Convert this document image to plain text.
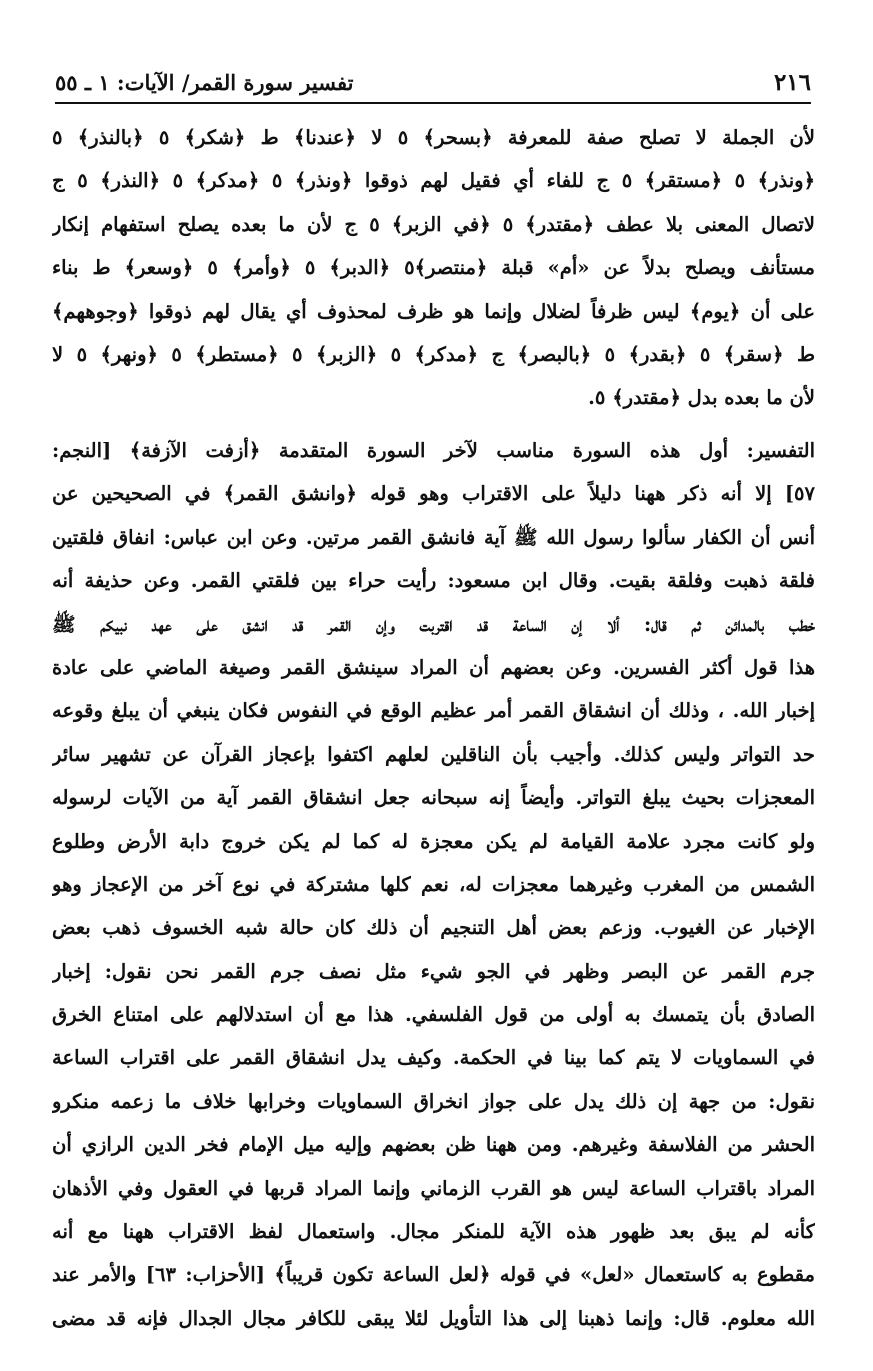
٢١٦
تفسير سورة القمر/ الآيات: ١ ـ ٥٥
لأن الجملة لا تصلح صفة للمعرفة ﴿بسحر﴾ ٥ لا ﴿عندنا﴾ ط ﴿شكر﴾ ٥ ﴿بالنذر﴾ ٥
﴿ونذر﴾ ٥ ﴿مستقر﴾ ٥ ج للفاء أي فقيل لهم ذوقوا ﴿ونذر﴾ ٥ ﴿مدكر﴾ ٥ ﴿النذر﴾ ٥ ج
لاتصال المعنى بلا عطف ﴿مقتدر﴾ ٥ ﴿في الزبر﴾ ٥ ج لأن ما بعده يصلح استفهام إنكار
مستأنف ويصلح بدلاً عن «أم» قبلة ﴿منتصر﴾٥ ﴿الدبر﴾ ٥ ﴿وأمر﴾ ٥ ﴿وسعر﴾ ط بناء
على أن ﴿يوم﴾ ليس ظرفاً لضلال وإنما هو ظرف لمحذوف أي يقال لهم ذوقوا ﴿وجوههم﴾
ط ﴿سقر﴾ ٥ ﴿بقدر﴾ ٥ ﴿بالبصر﴾ ج ﴿مدكر﴾ ٥ ﴿الزبر﴾ ٥ ﴿مستطر﴾ ٥ ﴿ونهر﴾ ٥ لا
لأن ما بعده بدل ﴿مقتدر﴾ ٥.
التفسير: أول هذه السورة مناسب لآخر السورة المتقدمة ﴿أزفت الآزفة﴾ [النجم:
٥٧] إلا أنه ذكر ههنا دليلاً على الاقتراب وهو قوله ﴿وانشق القمر﴾ في الصحيحين عن
أنس أن الكفار سألوا رسول الله ﷺ آية فانشق القمر مرتين. وعن ابن عباس: انفاق فلقتين
فلقة ذهبت وفلقة بقيت. وقال ابن مسعود: رأيت حراء بين فلقتي القمر. وعن حذيفة أنه
خطب بالمدائن ثم قال: ألا إن الساعة قد اقتربت وإن القمر قد انشق على عهد نبيكم ﷺ
هذا قول أكثر الفسرين. وعن بعضهم أن المراد سينشق القمر وصيغة الماضي على عادة
إخبار الله. ، وذلك أن انشقاق القمر أمر عظيم الوقع في النفوس فكان ينبغي أن يبلغ وقوعه
حد التواتر وليس كذلك. وأجيب بأن الناقلين لعلهم اكتفوا بإعجاز القرآن عن تشهير سائر
المعجزات بحيث يبلغ التواتر. وأيضاً إنه سبحانه جعل انشقاق القمر آية من الآيات لرسوله
ولو كانت مجرد علامة القيامة لم يكن معجزة له كما لم يكن خروج دابة الأرض وطلوع
الشمس من المغرب وغيرهما معجزات له، نعم كلها مشتركة في نوع آخر من الإعجاز وهو
الإخبار عن الغيوب. وزعم بعض أهل التنجيم أن ذلك كان حالة شبه الخسوف ذهب بعض
جرم القمر عن البصر وظهر في الجو شيء مثل نصف جرم القمر نحن نقول: إخبار
الصادق بأن يتمسك به أولى من قول الفلسفي. هذا مع أن استدلالهم على امتناع الخرق
في السماويات لا يتم كما بينا في الحكمة. وكيف يدل انشقاق القمر على اقتراب الساعة
نقول: من جهة إن ذلك يدل على جواز انخراق السماويات وخرابها خلاف ما زعمه منكرو
الحشر من الفلاسفة وغيرهم. ومن ههنا ظن بعضهم وإليه ميل الإمام فخر الدين الرازي أن
المراد باقتراب الساعة ليس هو القرب الزماني وإنما المراد قربها في العقول وفي الأذهان
كأنه لم يبق بعد ظهور هذه الآية للمنكر مجال. واستعمال لفظ الاقتراب ههنا مع أنه
مقطوع به كاستعمال «لعل» في قوله ﴿لعل الساعة تكون قريباً﴾ [الأحزاب: ٦٣] والأمر عند
الله معلوم. قال: وإنما ذهبنا إلى هذا التأويل لئلا يبقى للكافر مجال الجدال فإنه قد مضى
